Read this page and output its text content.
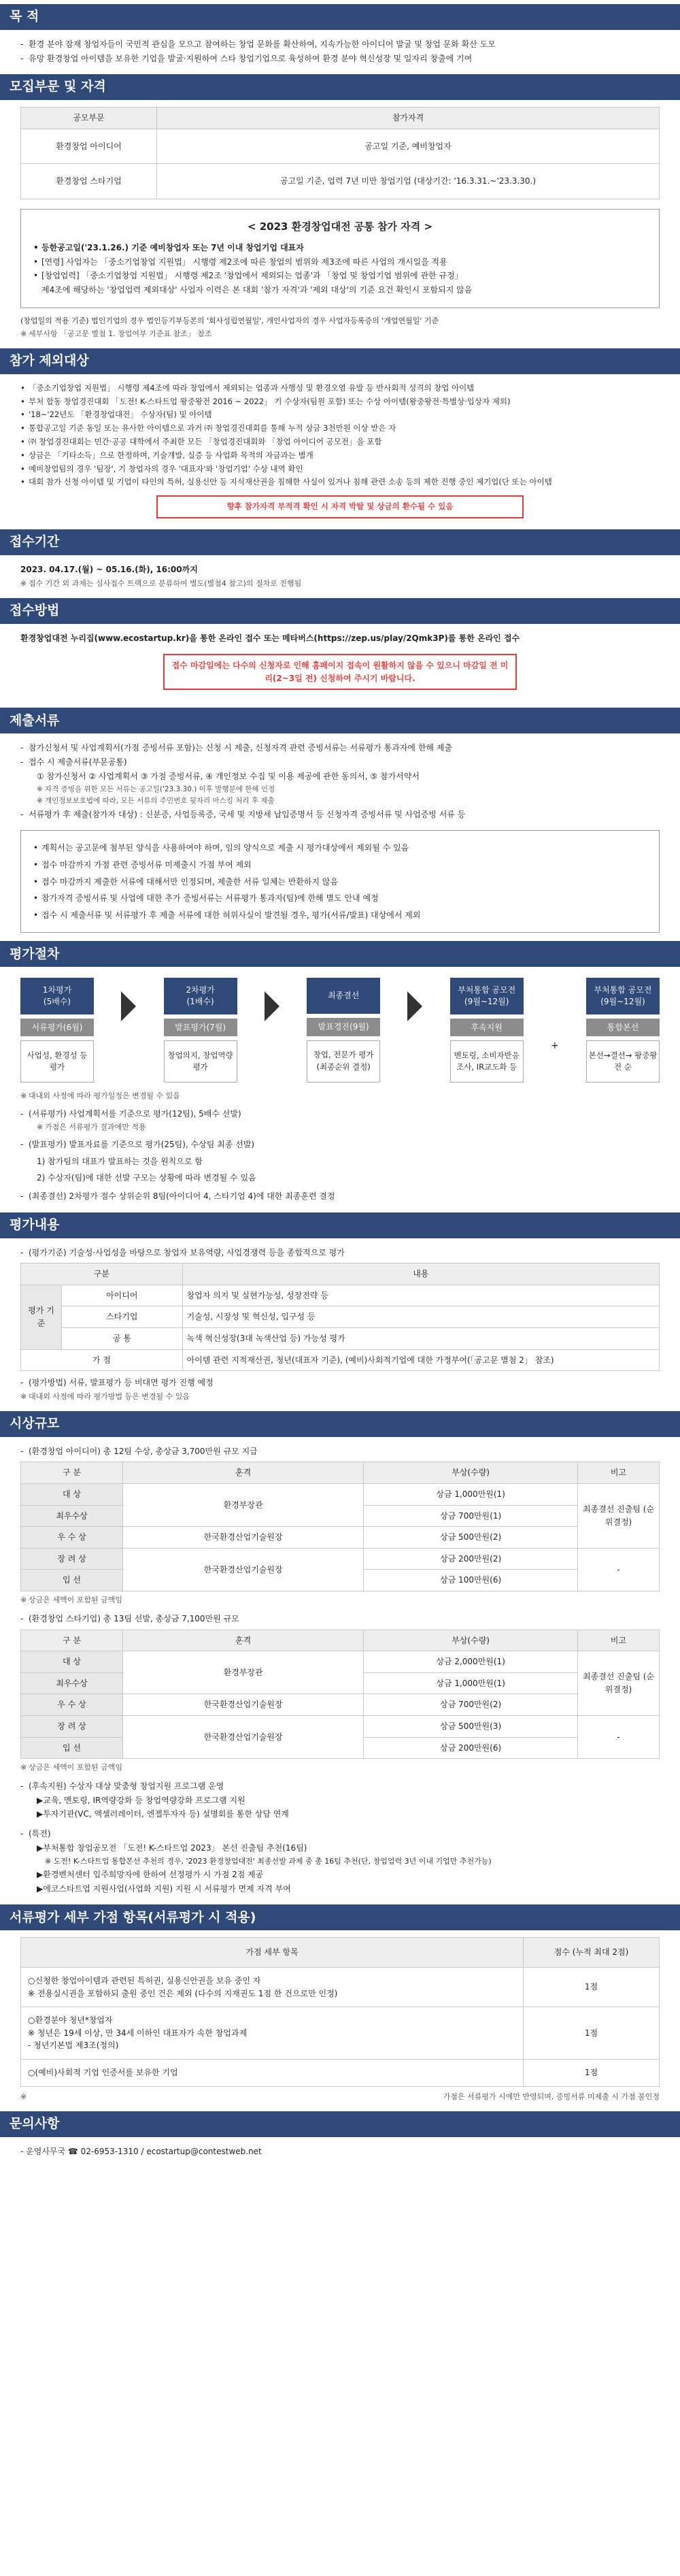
목 적
- 환경 분야 잠재 창업자들이 국민적 관심을 모으고 참여하는 창업 문화를 확산하여, 지속가능한 아이디어 발굴 및 창업 문화 확산 도모
- 유망 환경창업 아이템을 보유한 기업을 발굴·지원하여 스타 창업기업으로 육성하여 환경 분야 혁신성장 및 일자리 창출에 기여
모집부문 및 자격
공모부문	참가자격
환경창업 아이디어	공고일 기준, 예비창업자
환경창업 스타기업	공고일 기준, 업력 7년 미만 창업기업 (대상기간: '16.3.31.~'23.3.30.)
< 2023 환경창업대전 공통 참가 자격 >
• 등한공고일('23.1.26.) 기준 예비창업자 또는 7년 이내 창업기업 대표자
• [연령] 사업자는 「중소기업창업 지원법」 시행령 제2조에 따른 창업의 범위와 제3조에 따른 사업의 개시일을 적용
• [창업업력] 「중소기업창업 지원법」 시행령 제2조 '창업에서 제외되는 업종'과 「창업 및 창업기업 범위에 관한 규정」
제4조에 해당하는 '창업업력 제외대상' 사업자 이력은 본 대회 '참가 자격'과 '제외 대상'의 기준 요건 확인시 포함되지 않음
(창업일의 적용 기준) 법인기업의 경우 법인등기부등본의 '회사성립연월일', 개인사업자의 경우 사업자등록증의 '개업연월일' 기준
※ 세부사항 「공고문 별첨 1. 창업여부 기준표 참조」 참조
참가 제외대상
• 「중소기업창업 지원법」 시행령 제4조에 따라 창업에서 제외되는 업종과 사행성 및 환경오염 유발 등 반사회적 성격의 창업 아이템
• 부처 합동 창업경진대회 「도전! K-스타트업 왕중왕전 2016 ~ 2022」 기 수상자(팀원 포함) 또는 수상 아이템(왕중왕전·특별상·입상자 제외)
• '18~'22년도 「환경창업대전」 수상자(팀) 및 아이템
• 통합공고일 기준 동일 또는 유사한 아이템으로 과거 ㈜ 창업경진대회를 통해 누적 상금 3천만원 이상 받은 자
• ㈜ 창업경진대회는 민간·공공 대학에서 주최한 모든 「창업경진대회와 「창업 아이디어 공모전」을 포함
• 상금은 「기타소득」으로 한정하며, 기술개발, 실증 등 사업화 목적의 자금과는 별개
• 예비창업팀의 경우 '팀장', 기 창업자의 경우 '대표자'와 '창업기업' 수상 내역 확인
• 대회 참가 신청 아이템 및 기업이 타인의 특허, 실용신안 등 지식재산권을 침해한 사실이 있거나 침해 관련 소송 등의 제한 진행 중인 제기업(단 또는 아이템
향후 참가자격 부적격 확인 시 자격 박탈 및 상금의 환수될 수 있음
접수기간
2023. 04.17.(월) ~ 05.16.(화), 16:00까지
※ 접수 기간 외 과제는 심사접수 트랙으로 분류하여 별도(별첨4 참고)의 절차로 진행됨
접수방법
환경창업대전 누리집(www.ecostartup.kr)을 통한 온라인 접수 또는 메타버스(https://zep.us/play/2Qmk3P)를 통한 온라인 접수
접수 마감일에는 다수의 신청자로 인해 홈페이지 접속이 원활하지 않을 수 있으니 마감일 전 미리(2~3일 전) 신청하여 주시기 바랍니다.
제출서류
- 참가신청서 및 사업계획서(가점 증빙서류 포함)는 신청 시 제출, 신청자격 관련 증빙서류는 서류평가 통과자에 한해 제출
- 접수 시 제출서류(부문공통)
① 참가신청서 ② 사업계획서 ③ 가점 증빙서류, ④ 개인정보 수집 및 이용 제공에 관한 동의서, ⑤ 참가서약서
※ 자격 증빙을 위한 모든 서류는 공고일('23.3.30.) 이후 발행분에 한해 인정
※ 개인정보보호법에 따라, 모든 서류의 주민번호 뒷자리 마스킹 처리 후 제출
- 서류평가 후 제출(참가자 대상) : 신분증, 사업등록증, 국세 및 지방세 납입증명서 등 신청자격 증빙서류 및 사업증빙 서류 등
• 계획서는 공고문에 첨부된 양식을 사용하여야 하며, 임의 양식으로 제출 시 평가대상에서 제외될 수 있음
• 접수 마감까지 가점 관련 증빙서류 미제출시 가점 부여 제외
• 접수 마감까지 제출한 서류에 대해서만 인정되며, 제출한 서류 일체는 반환하지 않음
• 참가자격 증빙서류 및 사업에 대한 추가 증빙서류는 서류평가 통과자(팀)에 한해 별도 안내 예정
• 접수 시 제출서류 및 서류평가 후 제출 서류에 대한 허위사실이 발견될 경우, 평가(서류/발표) 대상에서 제외
평가절차
1차평가
(5배수)
서류평가(6월)
사업성, 환경성 등 평가
2차평가
(1배수)
발표평가(7월)
창업의지, 창업역량 평가
최종결선
발표경진(9월)
창업, 전문가 평가 (최종순위 결정)
부처통합 공모전
(9월~12월)
후속지원
멘토링, 소비자반응조사, IR교도화 등
+
부처통합 공모전
(9월~12월)
통합본선
본선→결선→ 왕중왕전 순
※ 대내외 사정에 따라 평가일정은 변경될 수 있음
- (서류평가) 사업계획서를 기준으로 평가(12팀), 5배수 선발)
※ 가점은 서류평가 결과에만 적용
- (발표평가) 발표자료를 기준으로 평가(25팀), 수상팀 최종 선발)
1) 참가팀의 대표가 발표하는 것을 원칙으로 함
2) 수상자(팀)에 대한 선발 구모는 상황에 따라 변경될 수 있음
- (최종결선) 2차평가 점수 상위순위 8팀(아이디어 4, 스타기업 4)에 대한 최종훈련 결정
평가내용
- (평가기준) 기술성·사업성을 바탕으로 창업자 보유역량, 사업경쟁력 등을 종합적으로 평가
구분		내용
평가 기준	아이디어	창업자 의지 및 실현가능성, 성장전략 등
	스타기업	기술성, 시장성 및 혁신성, 입구성 등
	공 통	녹색 혁신성장(3대 녹색산업 등) 가능성 평가
가 점		아이템 관련 지적재산권, 청년(대표자 기준), (예비)사회적기업에 대한 가정부여(「공고문 별첨 2」 참조)
- (평가방법) 서류, 발표평가 등 비대면 평가 진행 예정
※ 대내외 사정에 따라 평가방법 등은 변경될 수 있음
시상규모
- (환경창업 아이디어) 총 12팀 수상, 총상금 3,700만원 규모 지급
구 분	훈격	부상(수량)	비고
대 상	환경부장관	상금 1,000만원(1)	최종결선 진출팀 (순위결정)
최우수상		상금 700만원(1)	
우 수 상	한국환경산업기술원장	상금 500만원(2)	
장 려 상	한국환경산업기술원장	상금 200만원(2)	-
입 선		상금 100만원(6)	
※ 상금은 세액이 포함된 금액임
- (환경창업 스타기업) 총 13팀 선발, 총상금 7,100만원 규모
구 분	훈격	부상(수량)	비고
대 상	환경부장관	상금 2,000만원(1)	최종결선 진출팀 (순위결정)
최우수상		상금 1,000만원(1)	
우 수 상	한국환경산업기술원장	상금 700만원(2)	
장 려 상	한국환경산업기술원장	상금 500만원(3)	-
입 선		상금 200만원(6)	
※ 상금은 세액이 포함된 금액임
- (후속지원) 수상자 대상 맞춤형 창업지원 프로그램 운영
▶교육, 멘토링, IR역량강화 등 창업역량강화 프로그램 지원
▶투자기관(VC, 액셀러레이터, 엔젤투자자 등) 설명회를 통한 상담 연계
- (특전)
▶부처통합 창업공모전 「도전! K-스타트업 2023」 본선 진출팀 추천(16팀)
※ 도전! K-스타트업 통합본선 추천의 경우, '2023 환경창업대전' 최종선발 과제 중 총 16팀 추천(단, 창업업력 3년 이내 기업만 추천가능)
▶환경벤처센터 입주희망자에 한하여 선정평가 시 가점 2점 제공
▶에코스타트업 지원사업(사업화 지원) 지원 시 서류평가 면제 자격 부여
서류평가 세부 가점 항목(서류평가 시 적용)
가점 세부 항목	점수 (누적 최대 2점)
○신청한 창업아이템과 관련된 특허권, 실용신안권을 보유 중인 자
※ 전용실시권을 포함하되 출원 중인 건은 제외 (다수의 지재권도 1점 한 건으로만 인정)	1점
○환경분야 청년*창업자
※ 청년은 19세 이상, 만 34세 이하인 대표자가 속한 창업과제
- 청년기본법 제3조(정의)	1점
○(예비)사회적 기업 인증서를 보유한 기업	1점
※ 가점은 서류평가 시에만 반영되며, 증빙서류 미제출 시 가점 불인정
문의사항
- 운영사무국 ☎ 02-6953-1310 / ecostartup@contestweb.net
